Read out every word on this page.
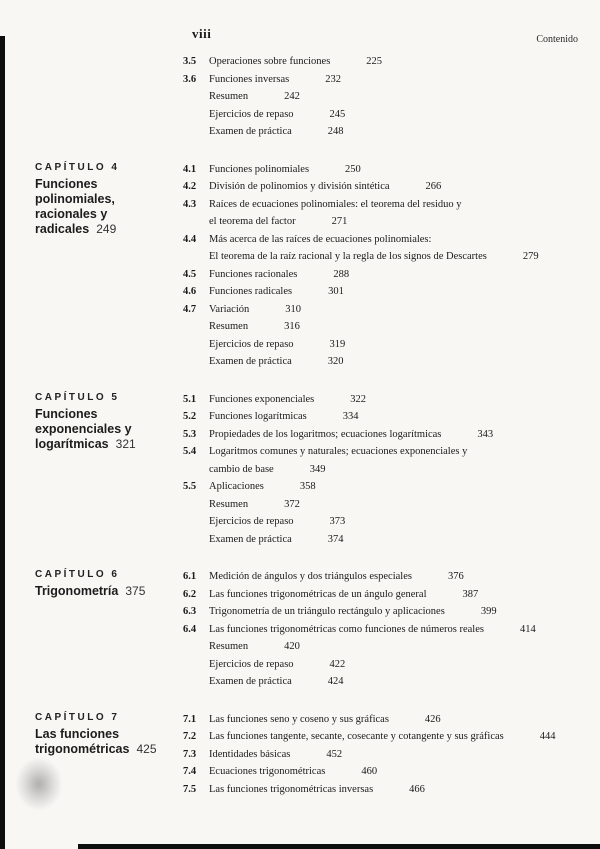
viii	Contenido
3.5	Operaciones sobre funciones	225
3.6	Funciones inversas	232
Resumen	242
Ejercicios de repaso	245
Examen de práctica	248
CAPÍTULO 4
Funciones
polinomiales,
racionales y
radicales 249
4.1	Funciones polinomiales	250
4.2	División de polinomios y división sintética	266
4.3	Raíces de ecuaciones polinomiales: el teorema del residuo y
el teorema del factor	271
4.4	Más acerca de las raíces de ecuaciones polinomiales:
El teorema de la raíz racional y la regla de los signos de Descartes	279
4.5	Funciones racionales	288
4.6	Funciones radicales	301
4.7	Variación	310
Resumen	316
Ejercicios de repaso	319
Examen de práctica	320
CAPÍTULO 5
Funciones
exponenciales y
logarítmicas 321
5.1	Funciones exponenciales	322
5.2	Funciones logarítmicas	334
5.3	Propiedades de los logaritmos; ecuaciones logarítmicas	343
5.4	Logaritmos comunes y naturales; ecuaciones exponenciales y
cambio de base	349
5.5	Aplicaciones	358
Resumen	372
Ejercicios de repaso	373
Examen de práctica	374
CAPÍTULO 6
Trigonometría 375
6.1	Medición de ángulos y dos triángulos especiales	376
6.2	Las funciones trigonométricas de un ángulo general	387
6.3	Trigonometría de un triángulo rectángulo y aplicaciones	399
6.4	Las funciones trigonométricas como funciones de números reales	414
Resumen	420
Ejercicios de repaso	422
Examen de práctica	424
CAPÍTULO 7
Las funciones
trigonométricas 425
7.1	Las funciones seno y coseno y sus gráficas	426
7.2	Las funciones tangente, secante, cosecante y cotangente y sus gráficas	444
7.3	Identidades básicas	452
7.4	Ecuaciones trigonométricas	460
7.5	Las funciones trigonométricas inversas	466
